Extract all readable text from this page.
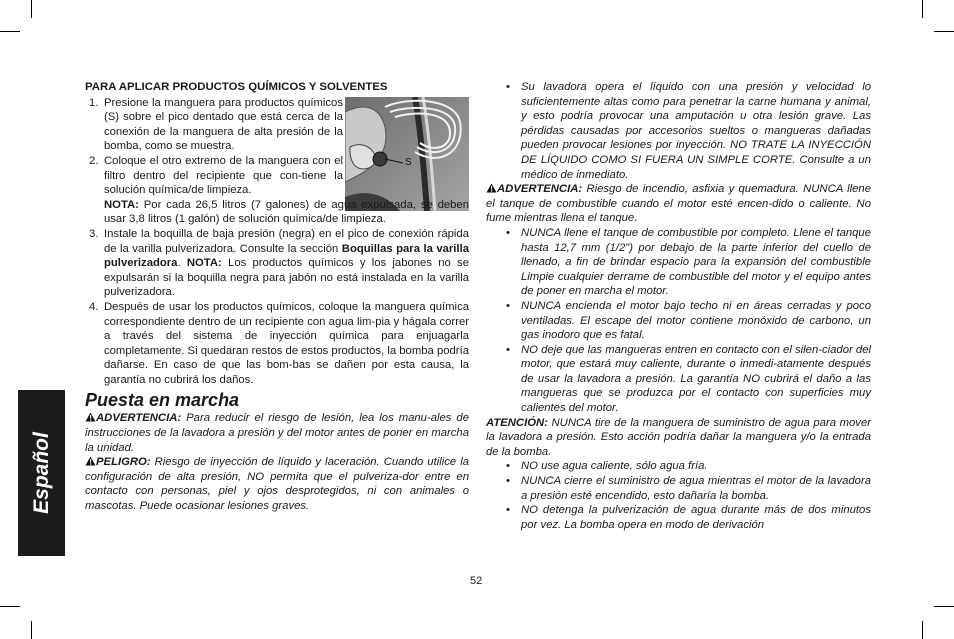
Español
S
PARA APLICAR PRODUCTOS QUÍMICOS Y SOLVENTES
1. Presione la manguera para productos químicos (S) sobre el pico dentado que está cerca de la conexión de la manguera de alta presión de la bomba, como se muestra.
2. Coloque el otro extremo de la manguera con el filtro dentro del recipiente que con-tiene la solución química/de limpieza.
NOTA: Por cada 26,5 litros (7 galones) de agua expulsada, se deben usar 3,8 litros (1 galón) de solución química/de limpieza.
3. Instale la boquilla de baja presión (negra) en el pico de conexión rápida de la varilla pulverizadora. Consulte la sección Boquillas para la varilla pulverizadora. NOTA: Los productos químicos y los jabones no se expulsarán si la boquilla negra para jabón no está instalada en la varilla pulverizadora.
4. Después de usar los productos químicos, coloque la manguera química correspondiente dentro de un recipiente con agua lim-pia y hágala correr a través del sistema de inyección química para enjuagarla completamente. Si quedaran restos de estos productos, la bomba podría dañarse. En caso de que las bom-bas se dañen por esta causa, la garantía no cubrirá los daños.
Puesta en marcha
ADVERTENCIA: Para reducir el riesgo de lesión, lea los manu-ales de instrucciones de la lavadora a presión y del motor antes de poner en marcha la unidad.
PELIGRO: Riesgo de inyección de líquido y laceración. Cuando utilice la configuración de alta presión, NO permita que el pulveriza-dor entre en contacto con personas, piel y ojos desprotegidos, ni con animales o mascotas. Puede ocasionar lesiones graves.
• Su lavadora opera el líquido con una presión y velocidad lo suficientemente altas como para penetrar la carne humana y animal, y esto podría provocar una amputación u otra lesión grave. Las pérdidas causadas por accesorios sueltos o mangueras dañadas pueden provocar lesiones por inyección. NO TRATE LA INYECCIÓN DE LÍQUIDO COMO SI FUERA UN SIMPLE CORTE. Consulte a un médico de inmediato.
ADVERTENCIA: Riesgo de incendio, asfixia y quemadura. NUNCA llene el tanque de combustible cuando el motor esté encen-dido o caliente. No fume mientras llena el tanque.
• NUNCA llene el tanque de combustible por completo. Llene el tanque hasta 12,7 mm (1/2") por debajo de la parte inferior del cuello de llenado, a fin de brindar espacio para la expansión del combustible Limpie cualquier derrame de combustible del motor y el equipo antes de poner en marcha el motor.
• NUNCA encienda el motor bajo techo ni en áreas cerradas y poco ventiladas. El escape del motor contiene monóxido de carbono, un gas inodoro que es fatal.
• NO deje que las mangueras entren en contacto con el silen-ciador del motor, que estará muy caliente, durante o inmedi-atamente después de usar la lavadora a presión. La garantía NO cubrirá el daño a las mangueras que se produzca por el contacto con superficies muy calientes del motor.
ATENCIÓN: NUNCA tire de la manguera de suministro de agua para mover la lavadora a presión. Esto acción podría dañar la manguera y/o la entrada de la bomba.
• NO use agua caliente, sólo agua fría.
• NUNCA cierre el suministro de agua mientras el motor de la lavadora a presión esté encendido, esto dañaría la bomba.
• NO detenga la pulverización de agua durante más de dos minutos por vez. La bomba opera en modo de derivación
52
